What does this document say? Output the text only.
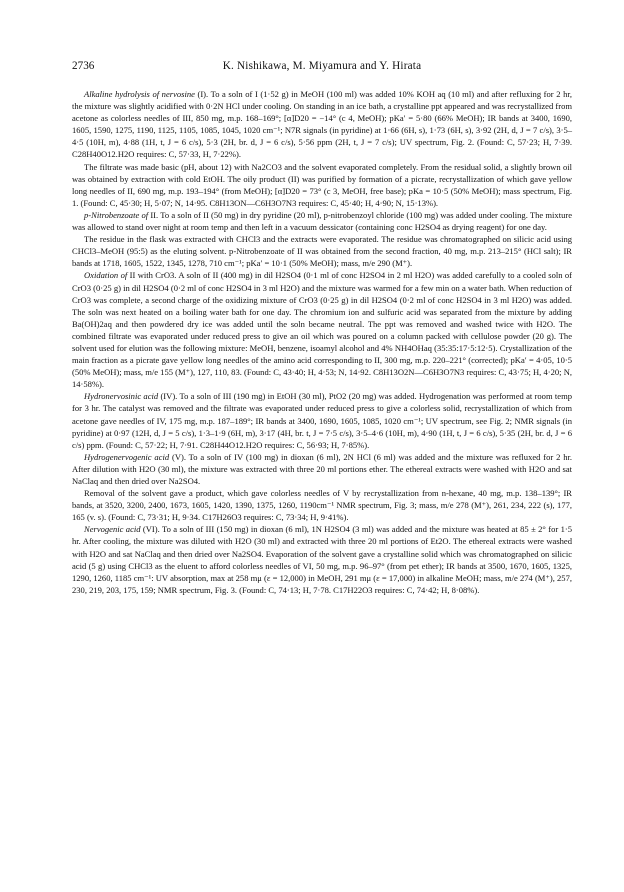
2736	K. Nishikawa, M. Miyamura and Y. Hirata

Alkaline hydrolysis of nervosine (I). To a soln of I (1·52 g) in MeOH (100 ml) was added 10% KOH aq (10 ml) and after refluxing for 2 hr, the mixture was slightly acidified with 0·2N HCl under cooling. On standing in an ice bath, a crystalline ppt appeared and was recrystallized from acetone as colorless needles of III, 850 mg, m.p. 168–169°; [α]D20 = −14° (c 4, MeOH); pKa′ = 5·80 (66% MeOH); IR bands at 3400, 1690, 1605, 1590, 1275, 1190, 1125, 1105, 1085, 1045, 1020 cm⁻¹; N7R signals (in pyridine) at 1·66 (6H, s), 1·73 (6H, s), 3·92 (2H, d, J = 7 c/s), 3·5–4·5 (10H, m), 4·88 (1H, t, J = 6 c/s), 5·3 (2H, br. d, J = 6 c/s), 5·56 ppm (2H, t, J = 7 c/s); UV spectrum, Fig. 2. (Found: C, 57·23; H, 7·39. C28H40O12.H2O requires: C, 57·33, H, 7·22%).

The filtrate was made basic (pH, about 12) with Na2CO3 and the solvent evaporated completely. From the residual solid, a slightly brown oil was obtained by extraction with cold EtOH. The oily product (II) was purified by formation of a picrate, recrystallization of which gave yellow long needles of II, 690 mg, m.p. 193–194° (from MeOH); [α]D20 = 73° (c 3, MeOH, free base); pKa = 10·5 (50% MeOH); mass spectrum, Fig. 1. (Found: C, 45·30; H, 5·07; N, 14·95. C8H13ON—C6H3O7N3 requires: C, 45·40; H, 4·90; N, 15·13%).

p-Nitrobenzoate of II. To a soln of II (50 mg) in dry pyridine (20 ml), p-nitrobenzoyl chloride (100 mg) was added under cooling. The mixture was allowed to stand over night at room temp and then left in a vacuum dessicator (containing conc H2SO4 as drying reagent) for one day.

The residue in the flask was extracted with CHCl3 and the extracts were evaporated. The residue was chromatographed on silicic acid using CHCl3–MeOH (95:5) as the eluting solvent. p-Nitrobenzoate of II was obtained from the second fraction, 40 mg, m.p. 213–215° (HCl salt); IR bands at 1718, 1605, 1522, 1345, 1278, 710 cm⁻¹; pKa′ = 10·1 (50% MeOH); mass, m/e 290 (M⁺).

Oxidation of II with CrO3. A soln of II (400 mg) in dil H2SO4 (0·1 ml of conc H2SO4 in 2 ml H2O) was added carefully to a cooled soln of CrO3 (0·25 g) in dil H2SO4 (0·2 ml of conc H2SO4 in 3 ml H2O) and the mixture was warmed for a few min on a water bath. When reduction of CrO3 was complete, a second charge of the oxidizing mixture of CrO3 (0·25 g) in dil H2SO4 (0·2 ml of conc H2SO4 in 3 ml H2O) was added. The soln was next heated on a boiling water bath for one day. The chromium ion and sulfuric acid was separated from the mixture by adding Ba(OH)2aq and then powdered dry ice was added until the soln became neutral. The ppt was removed and washed twice with H2O. The combined filtrate was evaporated under reduced press to give an oil which was poured on a column packed with cellulose powder (20 g). The solvent used for elution was the following mixture: MeOH, benzene, isoamyl alcohol and 4% NH4OHaq (35:35:17·5:12·5). Crystallization of the main fraction as a picrate gave yellow long needles of the amino acid corresponding to II, 300 mg, m.p. 220–221° (corrected); pKa′ = 4·05, 10·5 (50% MeOH); mass, m/e 155 (M⁺), 127, 110, 83. (Found: C, 43·40; H, 4·53; N, 14·92. C8H13O2N—C6H3O7N3 requires: C, 43·75; H, 4·20; N, 14·58%).

Hydronervosinic acid (IV). To a soln of III (190 mg) in EtOH (30 ml), PtO2 (20 mg) was added. Hydrogenation was performed at room temp for 3 hr. The catalyst was removed and the filtrate was evaporated under reduced press to give a colorless solid, recrystallization of which from acetone gave needles of IV, 175 mg, m.p. 187–189°; IR bands at 3400, 1690, 1605, 1085, 1020 cm⁻¹; UV spectrum, see Fig. 2; NMR signals (in pyridine) at 0·97 (12H, d, J = 5 c/s), 1·3–1·9 (6H, m), 3·17 (4H, br. t, J = 7·5 c/s), 3·5–4·6 (10H, m), 4·90 (1H, t, J = 6 c/s), 5·35 (2H, br. d, J = 6 c/s) ppm. (Found: C, 57·22; H, 7·91. C28H44O12.H2O requires: C, 56·93; H, 7·85%).

Hydrogenervogenic acid (V). To a soln of IV (100 mg) in dioxan (6 ml), 2N HCl (6 ml) was added and the mixture was refluxed for 2 hr. After dilution with H2O (30 ml), the mixture was extracted with three 20 ml portions ether. The ethereal extracts were washed with H2O and sat NaClaq and then dried over Na2SO4.

Removal of the solvent gave a product, which gave colorless needles of V by recrystallization from n-hexane, 40 mg, m.p. 138–139°; IR bands, at 3520, 3200, 2400, 1673, 1605, 1420, 1390, 1375, 1260, 1190cm⁻¹ NMR spectrum, Fig. 3; mass, m/e 278 (M⁺), 261, 234, 222 (s), 177, 165 (v. s). (Found: C, 73·31; H, 9·34. C17H26O3 requires: C, 73·34; H, 9·41%).

Nervogenic acid (VI). To a soln of III (150 mg) in dioxan (6 ml), 1N H2SO4 (3 ml) was added and the mixture was heated at 85 ± 2° for 1·5 hr. After cooling, the mixture was diluted with H2O (30 ml) and extracted with three 20 ml portions of Et2O. The ethereal extracts were washed with H2O and sat NaClaq and then dried over Na2SO4. Evaporation of the solvent gave a crystalline solid which was chromatographed on silicic acid (5 g) using CHCl3 as the eluent to afford colorless needles of VI, 50 mg, m.p. 96–97° (from pet ether); IR bands at 3500, 1670, 1605, 1325, 1290, 1260, 1185 cm⁻¹: UV absorption, max at 258 mμ (ε = 12,000) in MeOH, 291 mμ (ε = 17,000) in alkaline MeOH; mass, m/e 274 (M⁺), 257, 230, 219, 203, 175, 159; NMR spectrum, Fig. 3. (Found: C, 74·13; H, 7·78. C17H22O3 requires: C, 74·42; H, 8·08%).
